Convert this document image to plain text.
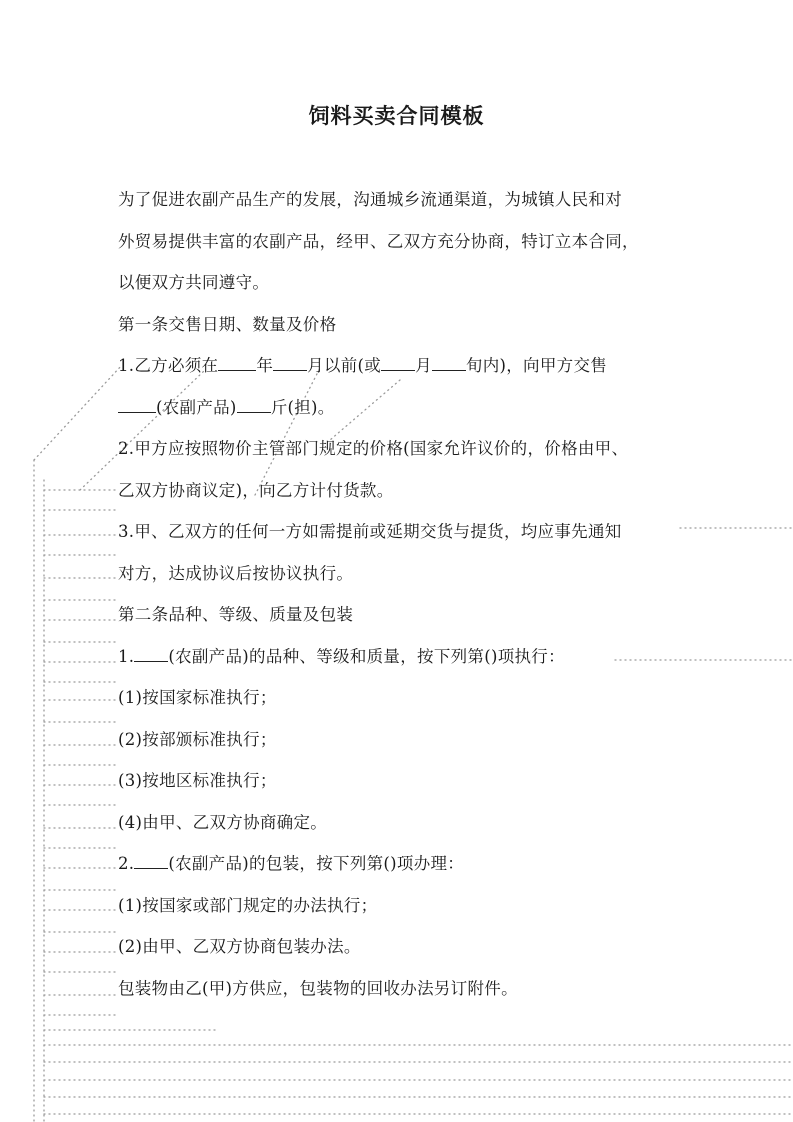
饲料买卖合同模板
为了促进农副产品生产的发展，沟通城乡流通渠道，为城镇人民和对
外贸易提供丰富的农副产品，经甲、乙双方充分协商，特订立本合同，
以便双方共同遵守。
第一条交售日期、数量及价格
1.乙方必须在 年 月以前(或 月 旬内)，向甲方交售
(农副产品) 斤(担)。
2.甲方应按照物价主管部门规定的价格(国家允许议价的，价格由甲、
乙双方协商议定)，向乙方计付货款。
3.甲、乙双方的任何一方如需提前或延期交货与提货，均应事先通知
对方，达成协议后按协议执行。
第二条品种、等级、质量及包装
1. (农副产品)的品种、等级和质量，按下列第()项执行：
(1)按国家标准执行；
(2)按部颁标准执行；
(3)按地区标准执行；
(4)由甲、乙双方协商确定。
2. (农副产品)的包装，按下列第()项办理：
(1)按国家或部门规定的办法执行；
(2)由甲、乙双方协商包装办法。
包装物由乙(甲)方供应，包装物的回收办法另订附件。
